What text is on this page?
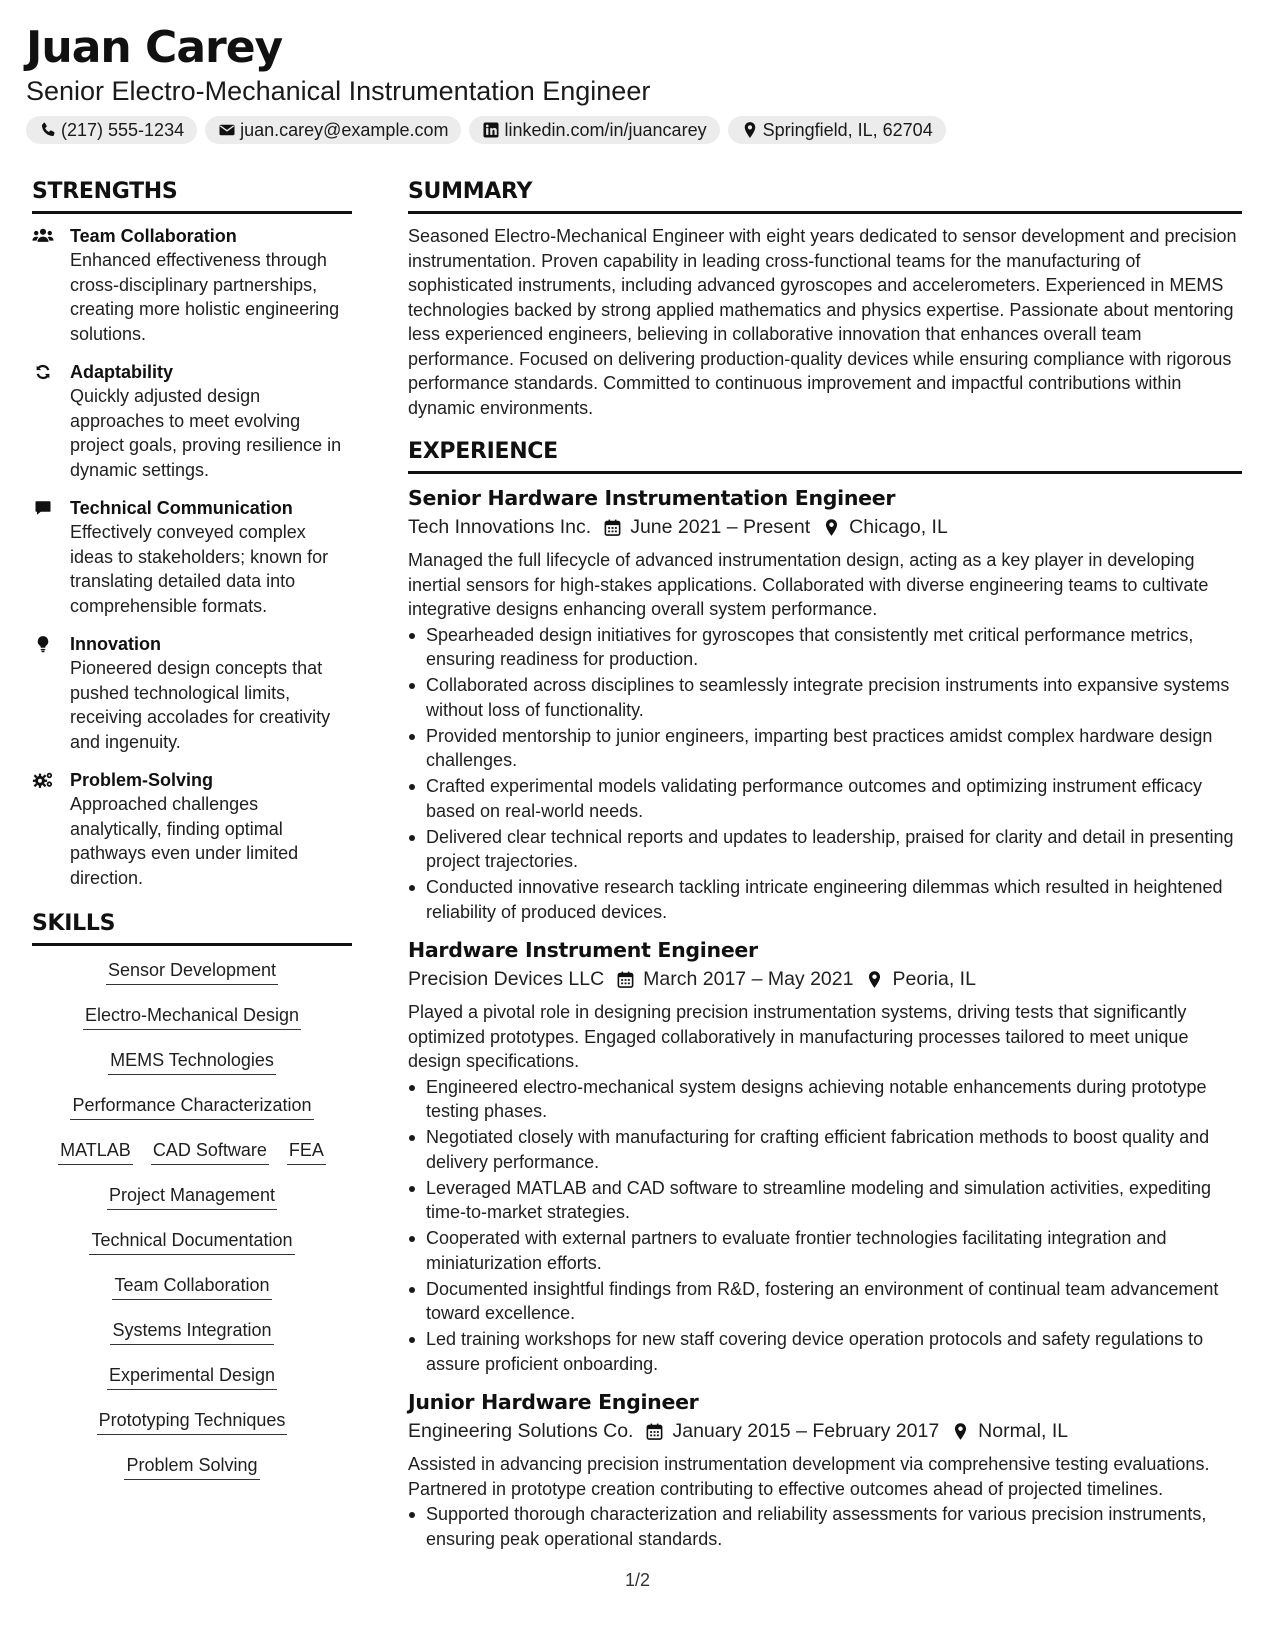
Juan Carey
Senior Electro-Mechanical Instrumentation Engineer
(217) 555-1234	juan.carey@example.com	linkedin.com/in/juancarey	Springfield, IL, 62704
STRENGTHS
Team Collaboration

Enhanced effectiveness through cross-disciplinary partnerships, creating more holistic engineering solutions.

Adaptability

Quickly adjusted design approaches to meet evolving project goals, proving resilience in dynamic settings.

Technical Communication

Effectively conveyed complex ideas to stakeholders; known for translating detailed data into comprehensible formats.

Innovation

Pioneered design concepts that pushed technological limits, receiving accolades for creativity and ingenuity.

Problem-Solving

Approached challenges analytically, finding optimal pathways even under limited direction.

SKILLS
Sensor Development
Electro-Mechanical Design
MEMS Technologies
Performance Characterization
MATLAB CAD Software FEA
Project Management
Technical Documentation
Team Collaboration
Systems Integration
Experimental Design
Prototyping Techniques
Problem Solving
SUMMARY

Seasoned Electro-Mechanical Engineer with eight years dedicated to sensor development and precision instrumentation. Proven capability in leading cross-functional teams for the manufacturing of sophisticated instruments, including advanced gyroscopes and accelerometers. Experienced in MEMS technologies backed by strong applied mathematics and physics expertise. Passionate about mentoring less experienced engineers, believing in collaborative innovation that enhances overall team performance. Focused on delivering production-quality devices while ensuring compliance with rigorous performance standards. Committed to continuous improvement and impactful contributions within dynamic environments.

EXPERIENCE
Senior Hardware Instrumentation Engineer
Tech Innovations Inc. June 2021 – Present Chicago, IL

Managed the full lifecycle of advanced instrumentation design, acting as a key player in developing inertial sensors for high-stakes applications. Collaborated with diverse engineering teams to cultivate integrative designs enhancing overall system performance.

Spearheaded design initiatives for gyroscopes that consistently met critical performance metrics, ensuring readiness for production.
Collaborated across disciplines to seamlessly integrate precision instruments into expansive systems without loss of functionality.
Provided mentorship to junior engineers, imparting best practices amidst complex hardware design challenges.
Crafted experimental models validating performance outcomes and optimizing instrument efficacy based on real-world needs.
Delivered clear technical reports and updates to leadership, praised for clarity and detail in presenting project trajectories.
Conducted innovative research tackling intricate engineering dilemmas which resulted in heightened reliability of produced devices.
Hardware Instrument Engineer
Precision Devices LLC March 2017 – May 2021 Peoria, IL

Played a pivotal role in designing precision instrumentation systems, driving tests that significantly optimized prototypes. Engaged collaboratively in manufacturing processes tailored to meet unique design specifications.

Engineered electro-mechanical system designs achieving notable enhancements during prototype testing phases.
Negotiated closely with manufacturing for crafting efficient fabrication methods to boost quality and delivery performance.
Leveraged MATLAB and CAD software to streamline modeling and simulation activities, expediting time-to-market strategies.
Cooperated with external partners to evaluate frontier technologies facilitating integration and miniaturization efforts.
Documented insightful findings from R&D, fostering an environment of continual team advancement toward excellence.
Led training workshops for new staff covering device operation protocols and safety regulations to assure proficient onboarding.
Junior Hardware Engineer
Engineering Solutions Co. January 2015 – February 2017 Normal, IL

Assisted in advancing precision instrumentation development via comprehensive testing evaluations. Partnered in prototype creation contributing to effective outcomes ahead of projected timelines.

Supported thorough characterization and reliability assessments for various precision instruments, ensuring peak operational standards.
1/2
